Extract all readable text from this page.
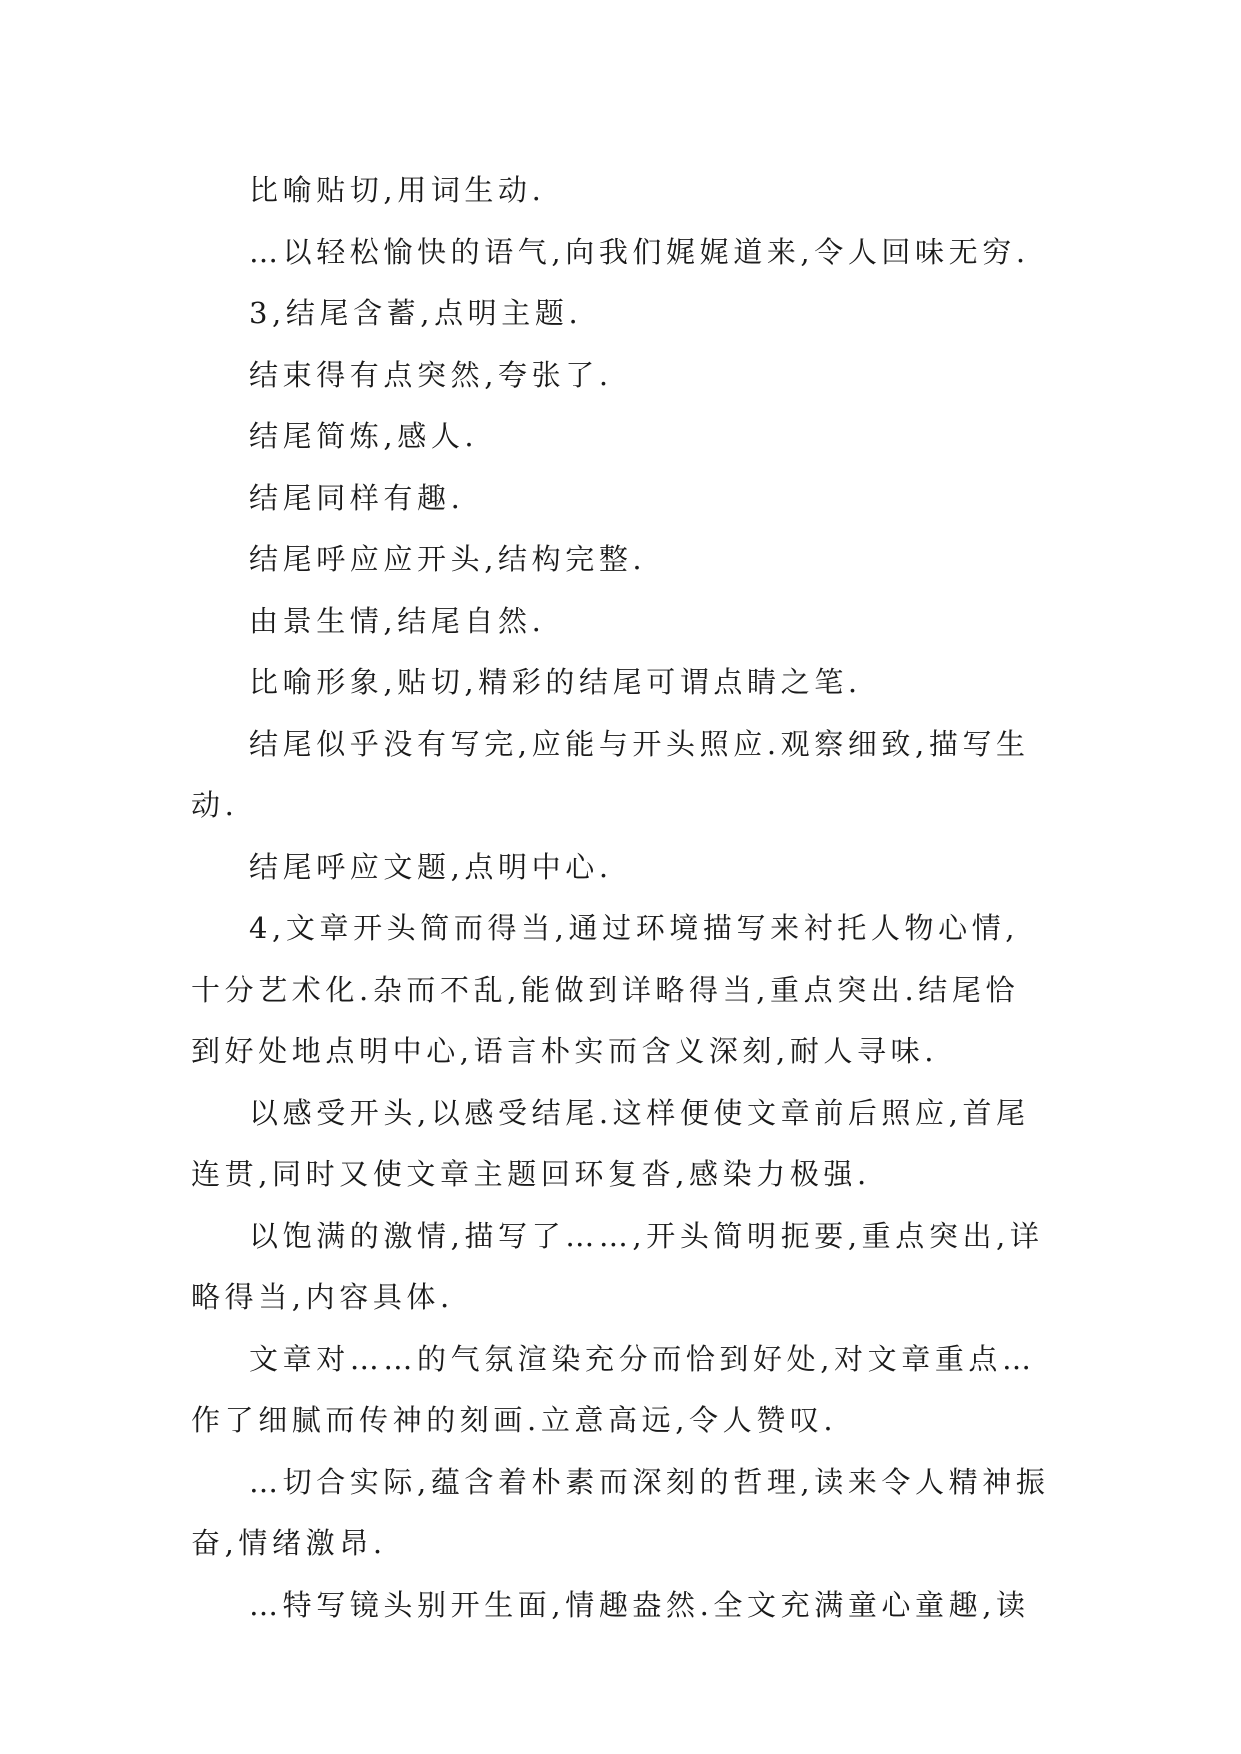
比喻贴切,用词生动.

…以轻松愉快的语气,向我们娓娓道来,令人回味无穷.

3,结尾含蓄,点明主题.

结束得有点突然,夸张了.

结尾简炼,感人.

结尾同样有趣.

结尾呼应应开头,结构完整.

由景生情,结尾自然.

比喻形象,贴切,精彩的结尾可谓点睛之笔.

结尾似乎没有写完,应能与开头照应.观察细致,描写生动.

结尾呼应文题,点明中心.

4,文章开头简而得当,通过环境描写来衬托人物心情,十分艺术化.杂而不乱,能做到详略得当,重点突出.结尾恰到好处地点明中心,语言朴实而含义深刻,耐人寻味.

以感受开头,以感受结尾.这样便使文章前后照应,首尾连贯,同时又使文章主题回环复沓,感染力极强.

以饱满的激情,描写了……,开头简明扼要,重点突出,详略得当,内容具体.

文章对……的气氛渲染充分而恰到好处,对文章重点…作了细腻而传神的刻画.立意高远,令人赞叹.

…切合实际,蕴含着朴素而深刻的哲理,读来令人精神振奋,情绪激昂.

…特写镜头别开生面,情趣盎然.全文充满童心童趣,读
